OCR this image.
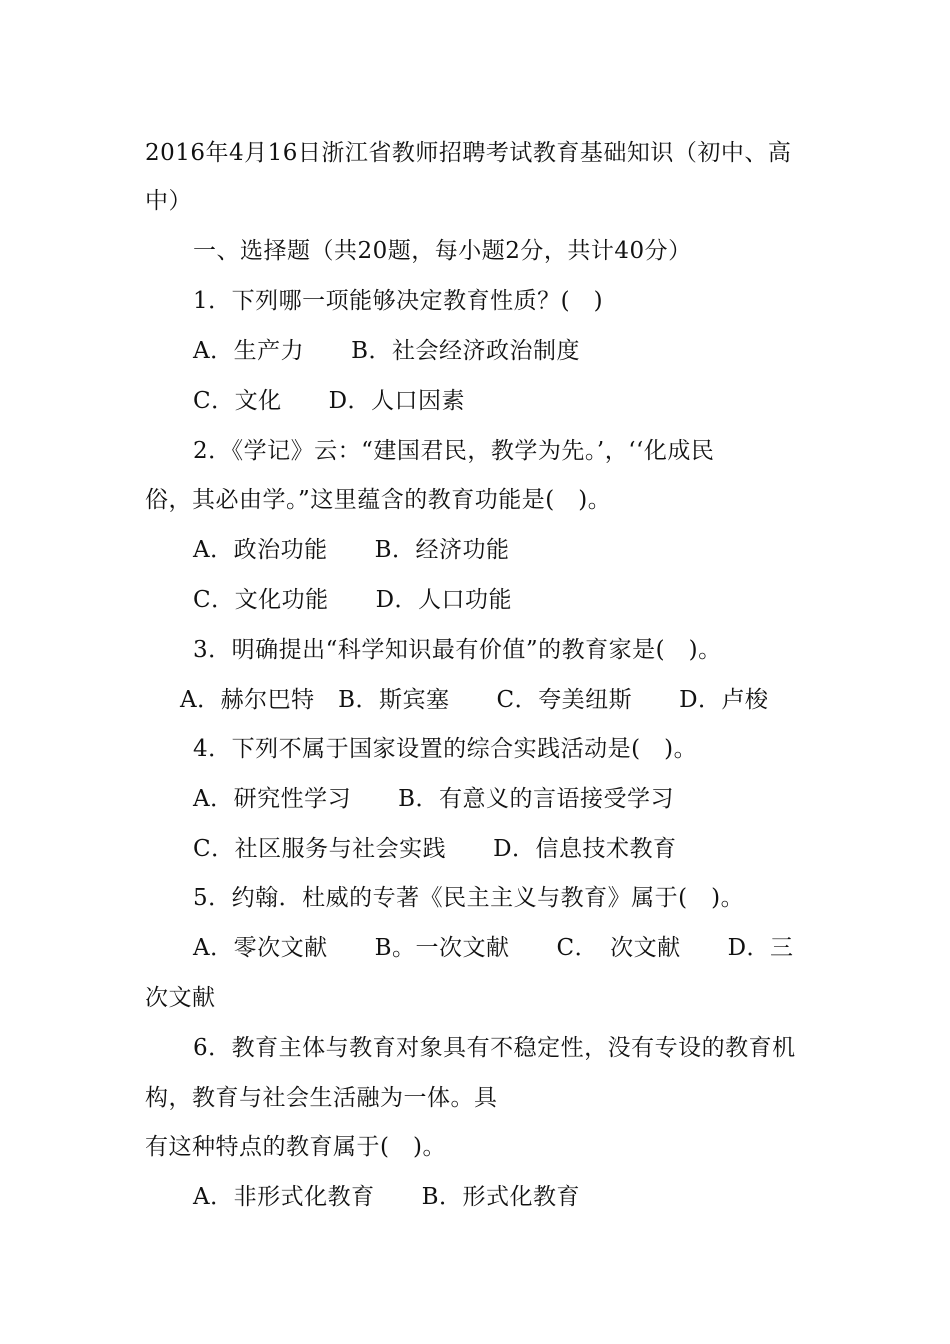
2016年4月16日浙江省教师招聘考试教育基础知识（初中、高
中）
一、选择题（共20题，每小题2分，共计40分）
1．下列哪一项能够决定教育性质？(　)
A．生产力　　B．社会经济政治制度
C．文化　　D．人口因素
2．《学记》云：“建国君民，教学为先。’，‘‘化成民
俗，其必由学。”这里蕴含的教育功能是(　)。
A．政治功能　　B．经济功能
C．文化功能　　D．人口功能
3．明确提出“科学知识最有价值”的教育家是(　)。
A．赫尔巴特　B．斯宾塞　　C．夸美纽斯　　D．卢梭
4．下列不属于国家设置的综合实践活动是(　)。
A．研究性学习　　B．有意义的言语接受学习
C．社区服务与社会实践　　D．信息技术教育
5．约翰．杜威的专著《民主主义与教育》属于(　)。
A．零次文献　　B。一次文献　　C．　次文献　　D．三
次文献
6．教育主体与教育对象具有不稳定性，没有专设的教育机
构，教育与社会生活融为一体。具
有这种特点的教育属于(　)。
A．非形式化教育　　B．形式化教育
